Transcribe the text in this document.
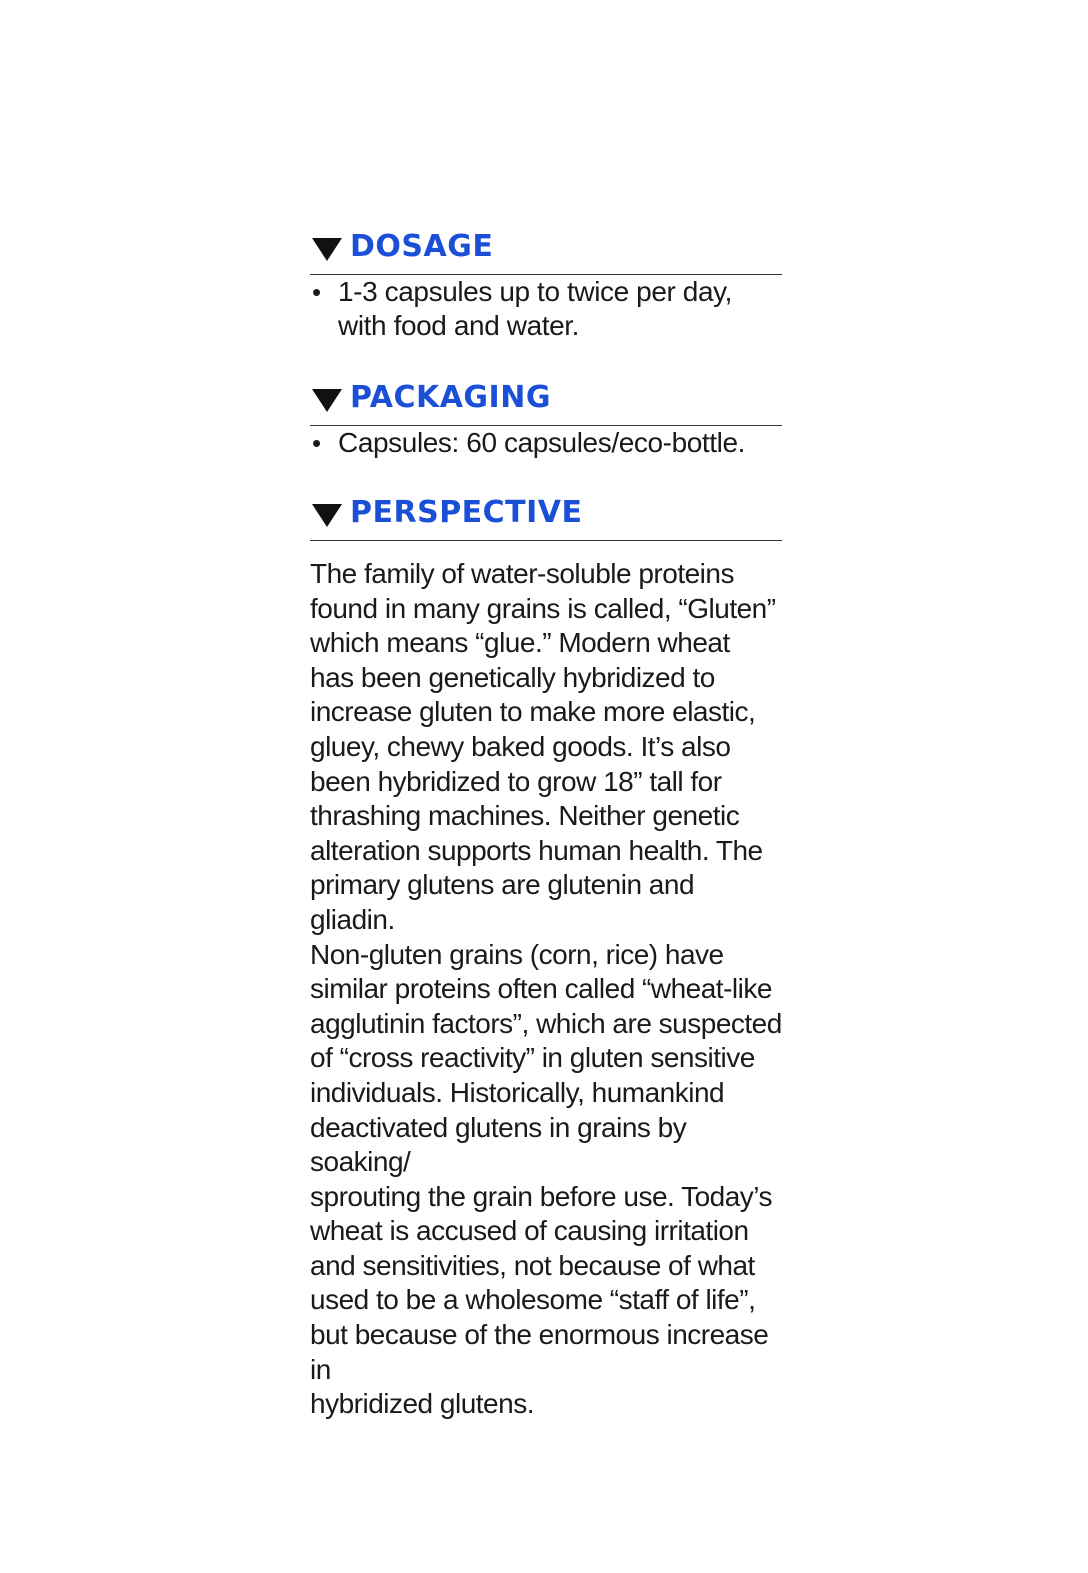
DOSAGE
• 1-3 capsules up to twice per day, with food and water.
PACKAGING
• Capsules: 60 capsules/eco-bottle.
PERSPECTIVE

The family of water-soluble proteins
found in many grains is called, “Gluten”
which means “glue.” Modern wheat
has been genetically hybridized to
increase gluten to make more elastic,
gluey, chewy baked goods. It’s also
been hybridized to grow 18” tall for
thrashing machines. Neither genetic
alteration supports human health. The
primary glutens are glutenin and gliadin.
Non-gluten grains (corn, rice) have
similar proteins often called “wheat-like
agglutinin factors”, which are suspected
of “cross reactivity” in gluten sensitive
individuals. Historically, humankind
deactivated glutens in grains by soaking/
sprouting the grain before use. Today’s
wheat is accused of causing irritation
and sensitivities, not because of what
used to be a wholesome “staff of life”,
but because of the enormous increase in
hybridized glutens.
